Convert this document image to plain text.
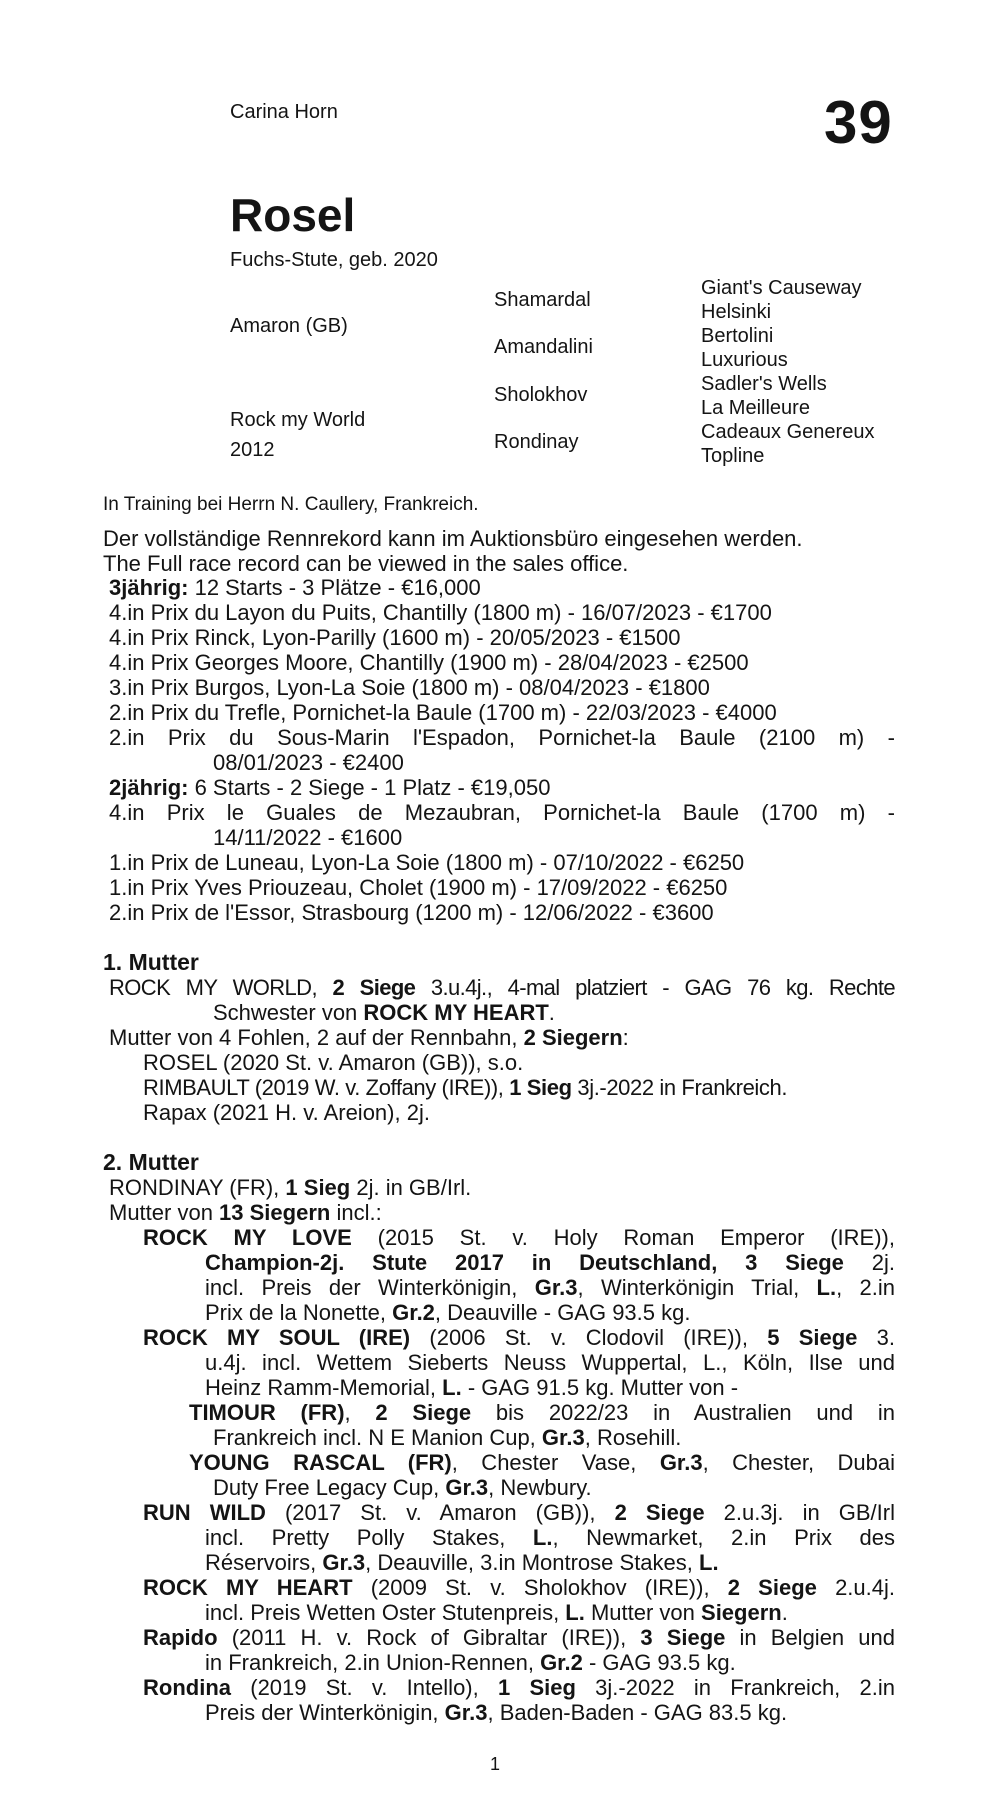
Carina Horn	39
Rosel
Fuchs-Stute, geb. 2020
Amaron (GB)
Rock my World
2012
Shamardal
Amandalini
Sholokhov
Rondinay
Giant's Causeway
Helsinki
Bertolini
Luxurious
Sadler's Wells
La Meilleure
Cadeaux Genereux
Topline
In Training bei Herrn N. Caullery, Frankreich.
Der vollständige Rennrekord kann im Auktionsbüro eingesehen werden.
The Full race record can be viewed in the sales office.
3jährig: 12 Starts - 3 Plätze - €16,000
4.in Prix du Layon du Puits, Chantilly (1800 m) - 16/07/2023 - €1700
4.in Prix Rinck, Lyon-Parilly (1600 m) - 20/05/2023 - €1500
4.in Prix Georges Moore, Chantilly (1900 m) - 28/04/2023 - €2500
3.in Prix Burgos, Lyon-La Soie (1800 m) - 08/04/2023 - €1800
2.in Prix du Trefle, Pornichet-la Baule (1700 m) - 22/03/2023 - €4000
2.in Prix du Sous-Marin l'Espadon, Pornichet-la Baule (2100 m) -
08/01/2023 - €2400
2jährig: 6 Starts - 2 Siege - 1 Platz - €19,050
4.in Prix le Guales de Mezaubran, Pornichet-la Baule (1700 m) -
14/11/2022 - €1600
1.in Prix de Luneau, Lyon-La Soie (1800 m) - 07/10/2022 - €6250
1.in Prix Yves Priouzeau, Cholet (1900 m) - 17/09/2022 - €6250
2.in Prix de l'Essor, Strasbourg (1200 m) - 12/06/2022 - €3600
1. Mutter
ROCK MY WORLD, 2 Siege 3.u.4j., 4-mal platziert - GAG 76 kg. Rechte
Schwester von ROCK MY HEART.
Mutter von 4 Fohlen, 2 auf der Rennbahn, 2 Siegern:
ROSEL (2020 St. v. Amaron (GB)), s.o.
RIMBAULT (2019 W. v. Zoffany (IRE)), 1 Sieg 3j.-2022 in Frankreich.
Rapax (2021 H. v. Areion), 2j.
2. Mutter
RONDINAY (FR), 1 Sieg 2j. in GB/Irl.
Mutter von 13 Siegern incl.:
ROCK MY LOVE (2015 St. v. Holy Roman Emperor (IRE)),
Champion-2j. Stute 2017 in Deutschland, 3 Siege 2j.
incl. Preis der Winterkönigin, Gr.3, Winterkönigin Trial, L., 2.in
Prix de la Nonette, Gr.2, Deauville - GAG 93.5 kg.
ROCK MY SOUL (IRE) (2006 St. v. Clodovil (IRE)), 5 Siege 3.
u.4j. incl. Wettem Sieberts Neuss Wuppertal, L., Köln, Ilse und
Heinz Ramm-Memorial, L. - GAG 91.5 kg. Mutter von -
TIMOUR (FR), 2 Siege bis 2022/23 in Australien und in
Frankreich incl. N E Manion Cup, Gr.3, Rosehill.
YOUNG RASCAL (FR), Chester Vase, Gr.3, Chester, Dubai
Duty Free Legacy Cup, Gr.3, Newbury.
RUN WILD (2017 St. v. Amaron (GB)), 2 Siege 2.u.3j. in GB/Irl
incl. Pretty Polly Stakes, L., Newmarket, 2.in Prix des
Réservoirs, Gr.3, Deauville, 3.in Montrose Stakes, L.
ROCK MY HEART (2009 St. v. Sholokhov (IRE)), 2 Siege 2.u.4j.
incl. Preis Wetten Oster Stutenpreis, L. Mutter von Siegern.
Rapido (2011 H. v. Rock of Gibraltar (IRE)), 3 Siege in Belgien und
in Frankreich, 2.in Union-Rennen, Gr.2 - GAG 93.5 kg.
Rondina (2019 St. v. Intello), 1 Sieg 3j.-2022 in Frankreich, 2.in
Preis der Winterkönigin, Gr.3, Baden-Baden - GAG 83.5 kg.
1
